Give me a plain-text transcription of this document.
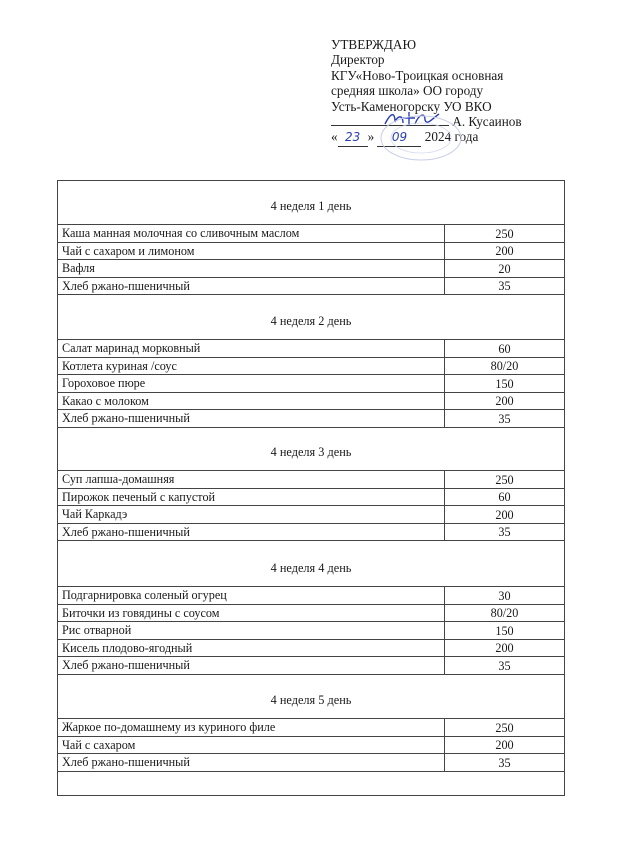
УТВЕРЖДАЮ
Директор
КГУ«Ново-Троицкая основная
средняя школа» ОО городу
Усть-Каменогорску УО ВКО
А. Кусаинов
« 23 » 09 2024 года
4 неделя 1 день
Каша манная молочная со сливочным маслом	250
Чай с сахаром и лимоном	200
Вафля	20
Хлеб ржано-пшеничный	35
4 неделя 2 день
Салат маринад морковный	60
Котлета куриная /соус	80/20
Гороховое пюре	150
Какао с молоком	200
Хлеб ржано-пшеничный	35
4 неделя 3 день
Суп лапша-домашняя	250
Пирожок печеный с капустой	60
Чай Каркадэ	200
Хлеб ржано-пшеничный	35
4 неделя 4 день
Подгарнировка соленый огурец	30
Биточки из говядины с соусом	80/20
Рис отварной	150
Кисель плодово-ягодный	200
Хлеб ржано-пшеничный	35
4 неделя 5 день
Жаркое по-домашнему из куриного филе	250
Чай с сахаром	200
Хлеб ржано-пшеничный	35
